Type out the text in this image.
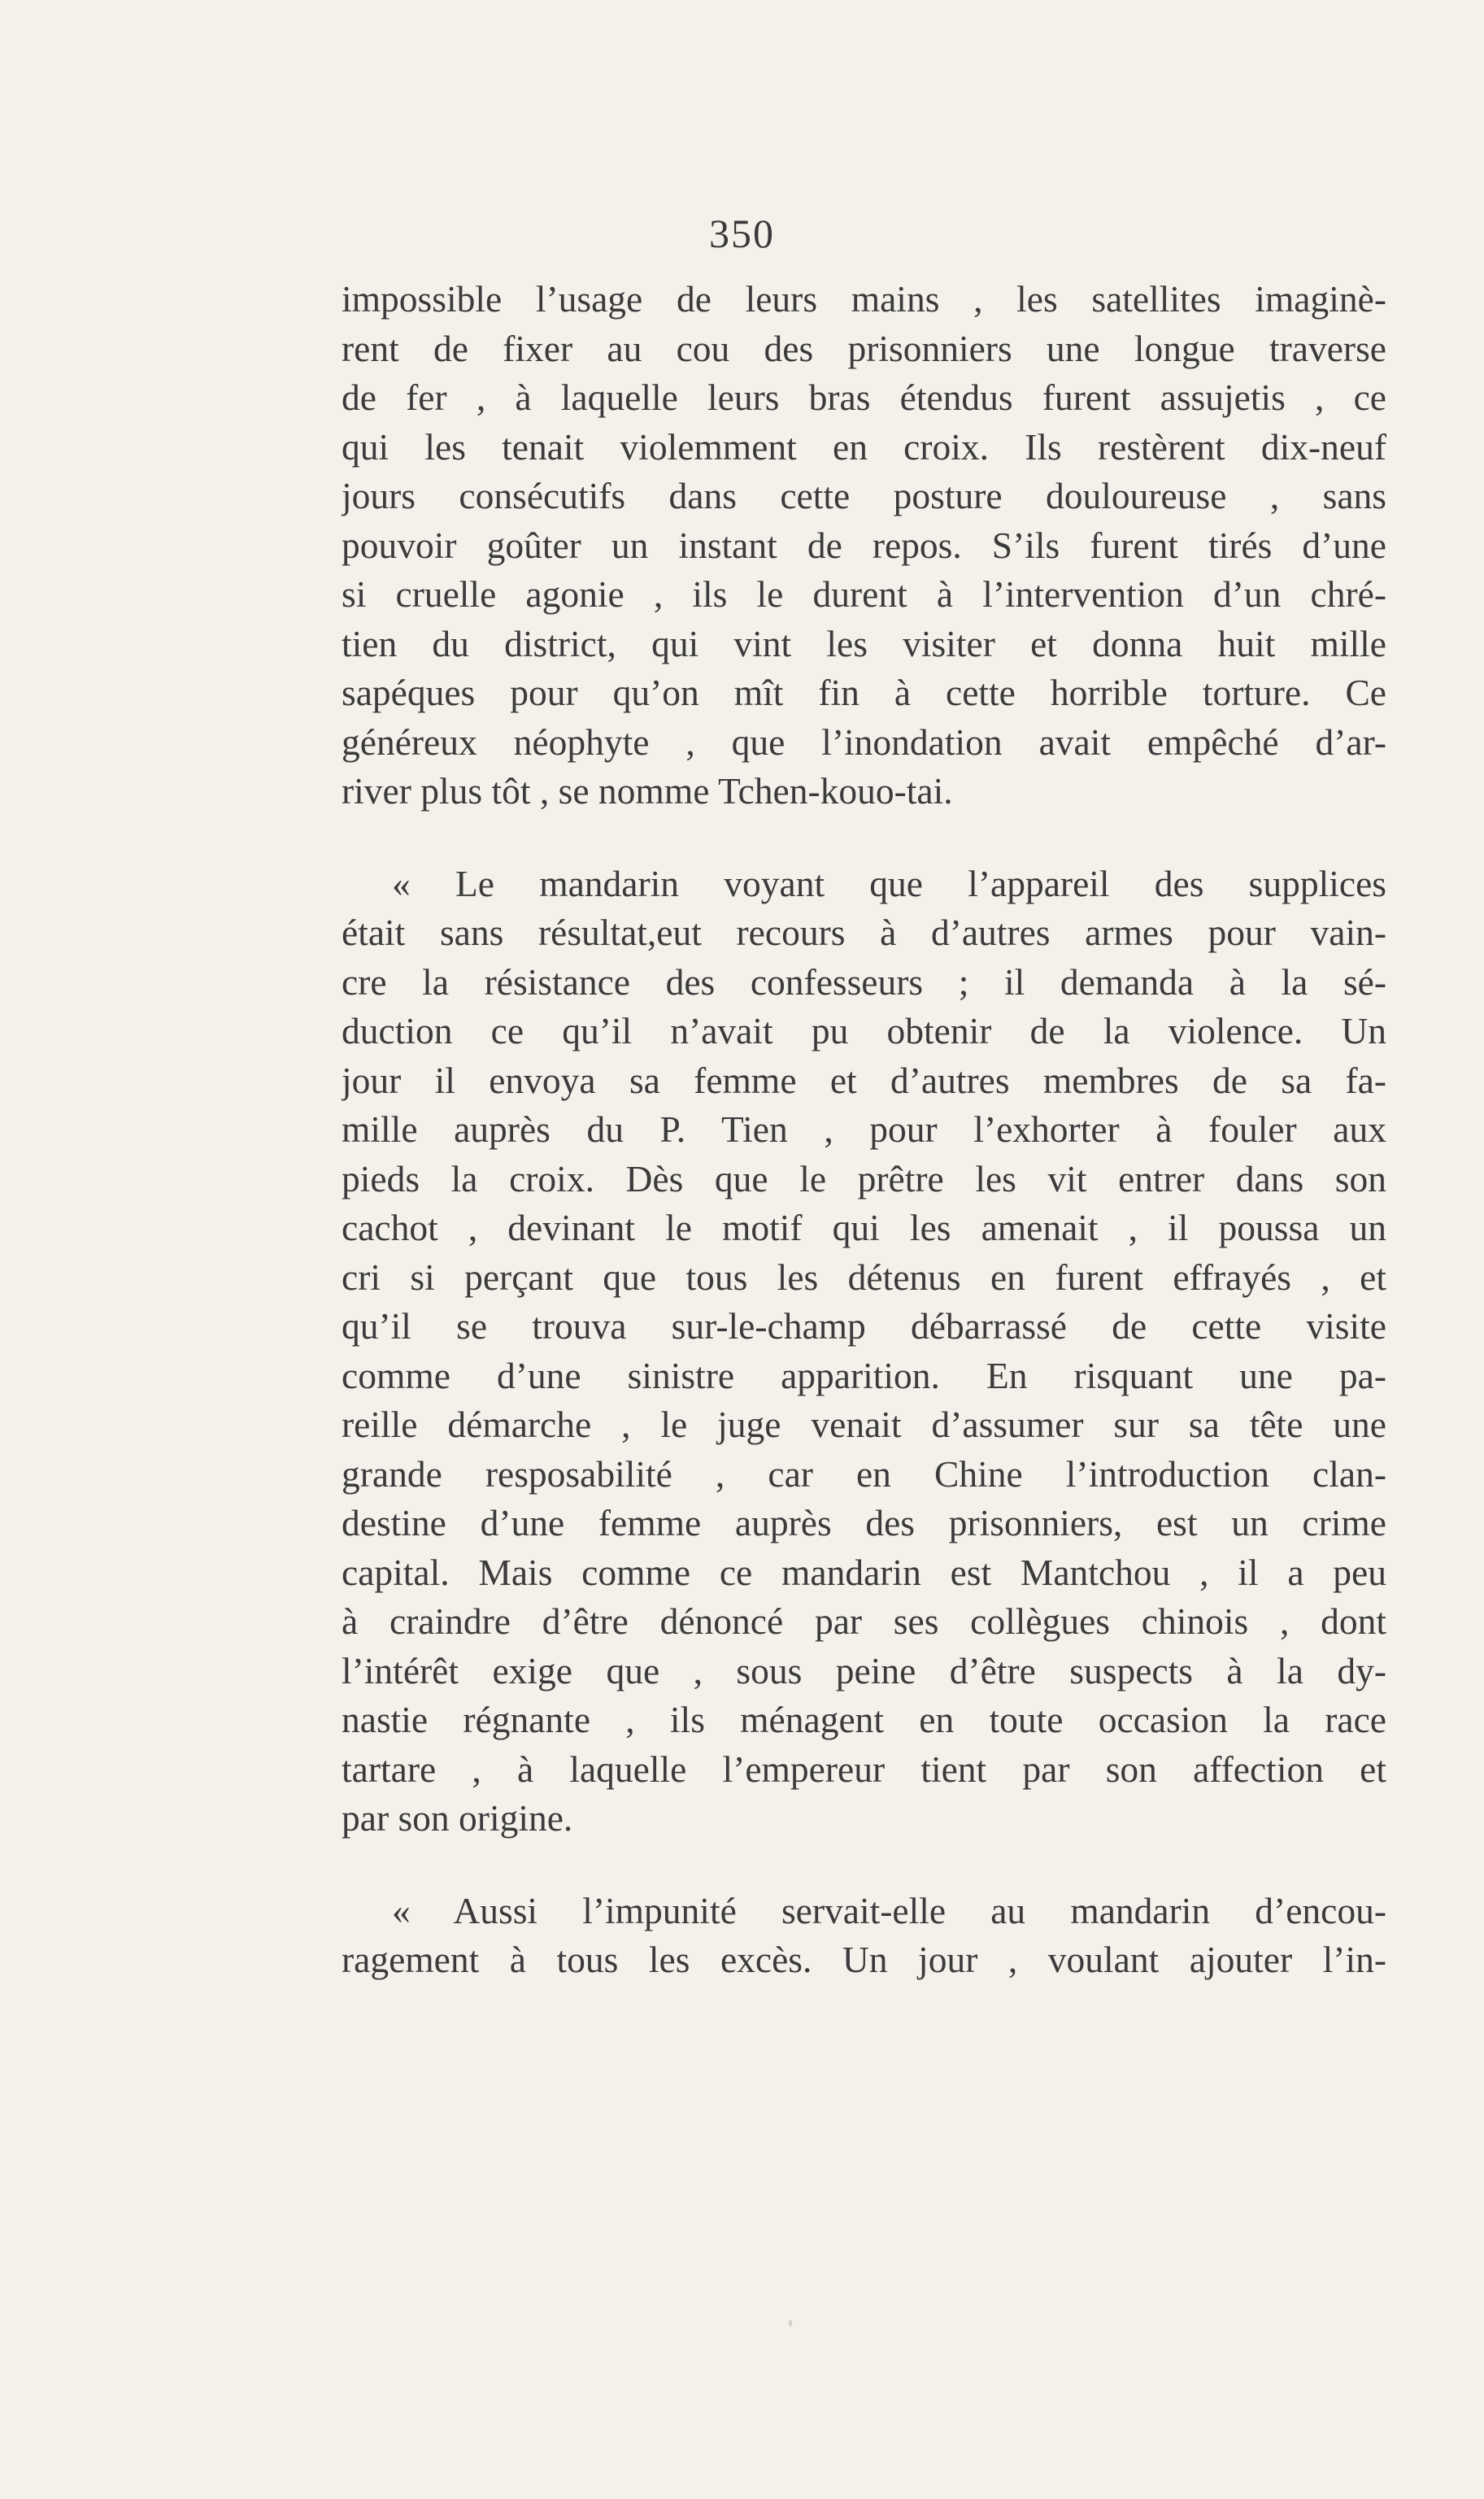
350
impossible l’usage de leurs mains , les satellites imaginè-
rent de fixer au cou des prisonniers une longue traverse
de fer , à laquelle leurs bras étendus furent assujetis , ce
qui les tenait violemment en croix. Ils restèrent dix-neuf
jours consécutifs dans cette posture douloureuse , sans
pouvoir goûter un instant de repos. S’ils furent tirés d’une
si cruelle agonie , ils le durent à l’intervention d’un chré-
tien du district, qui vint les visiter et donna huit mille
sapéques pour qu’on mît fin à cette horrible torture. Ce
généreux néophyte , que l’inondation avait empêché d’ar-
river plus tôt , se nomme Tchen-kouo-tai.
« Le mandarin voyant que l’appareil des supplices
était sans résultat,eut recours à d’autres armes pour vain-
cre la résistance des confesseurs ; il demanda à la sé-
duction ce qu’il n’avait pu obtenir de la violence. Un
jour il envoya sa femme et d’autres membres de sa fa-
mille auprès du P. Tien , pour l’exhorter à fouler aux
pieds la croix. Dès que le prêtre les vit entrer dans son
cachot , devinant le motif qui les amenait , il poussa un
cri si perçant que tous les détenus en furent effrayés , et
qu’il se trouva sur-le-champ débarrassé de cette visite
comme d’une sinistre apparition. En risquant une pa-
reille démarche , le juge venait d’assumer sur sa tête une
grande resposabilité , car en Chine l’introduction clan-
destine d’une femme auprès des prisonniers, est un crime
capital. Mais comme ce mandarin est Mantchou , il a peu
à craindre d’être dénoncé par ses collègues chinois , dont
l’intérêt exige que , sous peine d’être suspects à la dy-
nastie régnante , ils ménagent en toute occasion la race
tartare , à laquelle l’empereur tient par son affection et
par son origine.
« Aussi l’impunité servait-elle au mandarin d’encou-
ragement à tous les excès. Un jour , voulant ajouter l’in-
